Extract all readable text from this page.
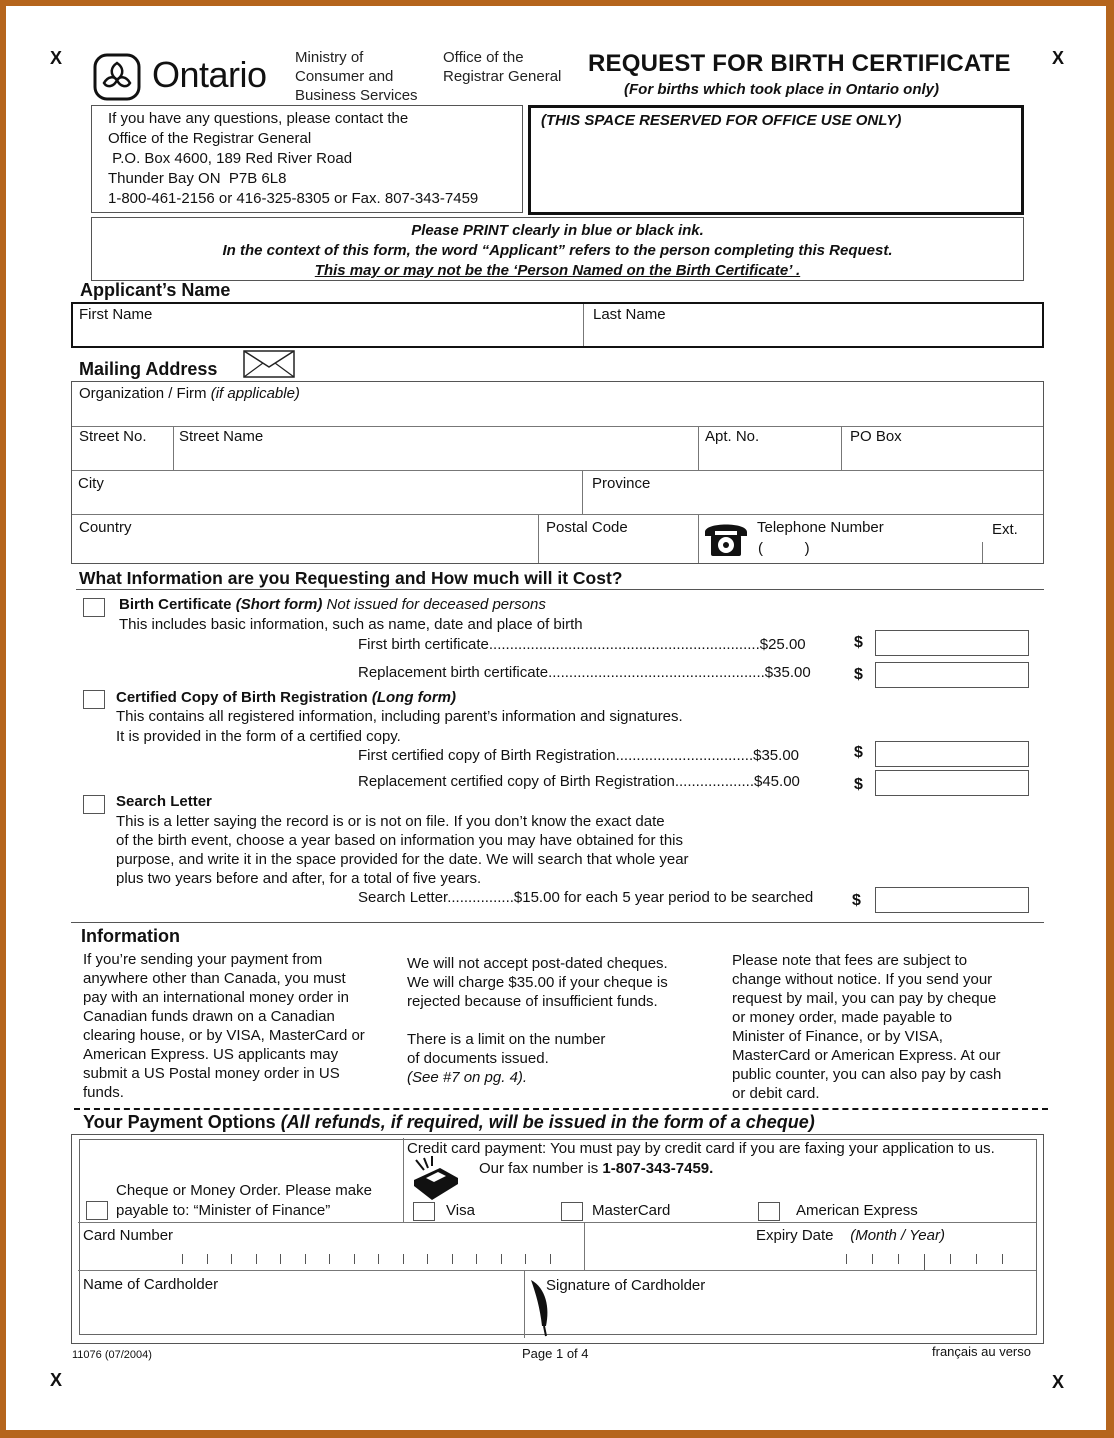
X	X
X	X
Ontario Ministry of
Consumer and
Business Services
Office of the
Registrar General REQUEST FOR BIRTH CERTIFICATE
(For births which took place in Ontario only)
If you have any questions, please contact the
Office of the Registrar General
P.O. Box 4600, 189 Red River Road
Thunder Bay ON  P7B 6L8
1-800-461-2156 or 416-325-8305 or Fax. 807-343-7459
(THIS SPACE RESERVED FOR OFFICE USE ONLY)
Please PRINT clearly in blue or black ink.
In the context of this form, the word “Applicant” refers to the person completing this Request.
This may or may not be the ‘Person Named on the Birth Certificate’ .
Applicant’s Name
First Name	Last Name
Mailing Address
Organization / Firm (if applicable)
Street No. Street Name	Apt. No.	PO Box
City	Province
Country	Postal Code	Telephone Number
(          )
Ext.
What Information are you Requesting and How much will it Cost?
Birth Certificate (Short form) Not issued for deceased persons
This includes basic information, such as name, date and place of birth
First birth certificate.................................................................$25.00	$
Replacement birth certificate....................................................$35.00	$
Certified Copy of Birth Registration (Long form)
This contains all registered information, including parent’s information and signatures.
It is provided in the form of a certified copy.
First certified copy of Birth Registration.................................$35.00	$
Replacement certified copy of Birth Registration...................$45.00	$
Search Letter
This is a letter saying the record is or is not on file. If you don’t know the exact date
of the birth event, choose a year based on information you may have obtained for this
purpose, and write it in the space provided for the date. We will search that whole year
plus two years before and after, for a total of five years.
Search Letter................$15.00 for each 5 year period to be searched $
Information
If you’re sending your payment from
anywhere other than Canada, you must
pay with an international money order in
Canadian funds drawn on a Canadian
clearing house, or by VISA, MasterCard or
American Express. US applicants may
submit a US Postal money order in US
funds.
We will not accept post-dated cheques.
We will charge $35.00 if your cheque is
rejected because of insufficient funds.
There is a limit on the number
of documents issued.
(See #7 on pg. 4).
Please note that fees are subject to
change without notice. If you send your
request by mail, you can pay by cheque
or money order, made payable to
Minister of Finance, or by VISA,
MasterCard or American Express. At our
public counter, you can also pay by cash
or debit card.
Your Payment Options (All refunds, if required, will be issued in the form of a cheque)
Cheque or Money Order. Please make
payable to: “Minister of Finance”
Credit card payment: You must pay by credit card if you are faxing your application to us.
Our fax number is 1-807-343-7459.
Visa	MasterCard	American Express
Card Number	Expiry Date (Month / Year)
Name of Cardholder	Signature of Cardholder
11076 (07/2004)	Page 1 of 4	français au verso
